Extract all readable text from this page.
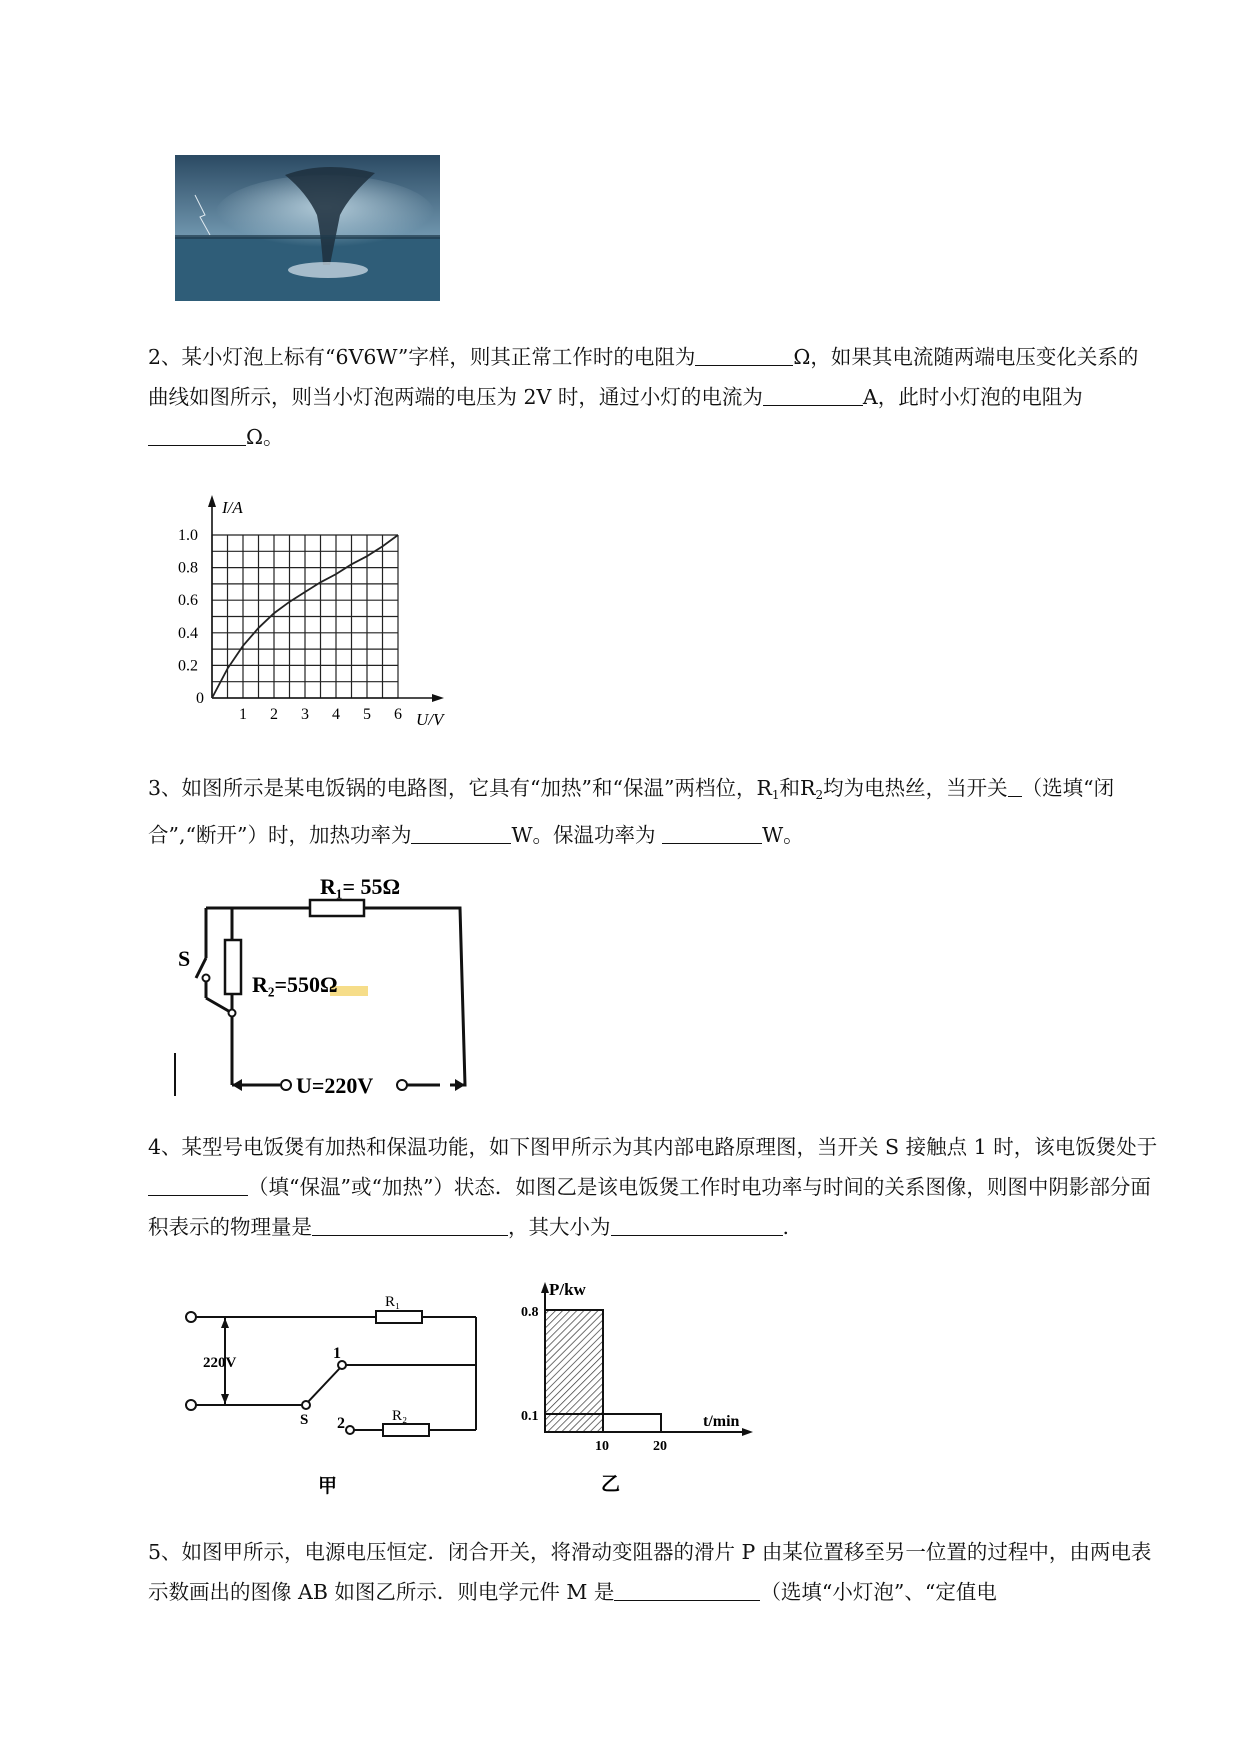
2、某小灯泡上标有“6V6W”字样，则其正常工作时的电阻为	Ω，如果其电流随两端电压变化关系的曲线如图所示，则当小灯泡两端的电压为 2V 时，通过小灯的电流为	A，此时小灯泡的电阻为Ω。

1 2 3 4 5 6
0.2
0.4
0.6
0.8
1.0
0
I/A
U/V

3、如图所示是某电饭锅的电路图，它具有“加热”和“保温”两档位，$R_1$和$R_2$均为电热丝，当开关 （选填“闭合”,“断开”）时，加热功率为	W。保温功率为	W。

R₁= 55Ω
R₂=550Ω
S
U=220V

4、某型号电饭煲有加热和保温功能，如下图甲所示为其内部电路原理图，当开关 S 接触点 1 时，该电饭煲处于（填“保温”或“加热”）状态．如图乙是该电饭煲工作时电功率与时间的关系图像，则图中阴影部分面积表示的物理量是	，其大小为	.

R₁
R₂
220V
1
2
S
甲
P/kw
0.8
0.1
10	20
t/min
乙

5、如图甲所示，电源电压恒定．闭合开关，将滑动变阻器的滑片 P 由某位置移至另一位置的过程中，由两电表示数画出的图像 AB 如图乙所示．则电学元件 M 是	（选填“小灯泡”、“定值电
